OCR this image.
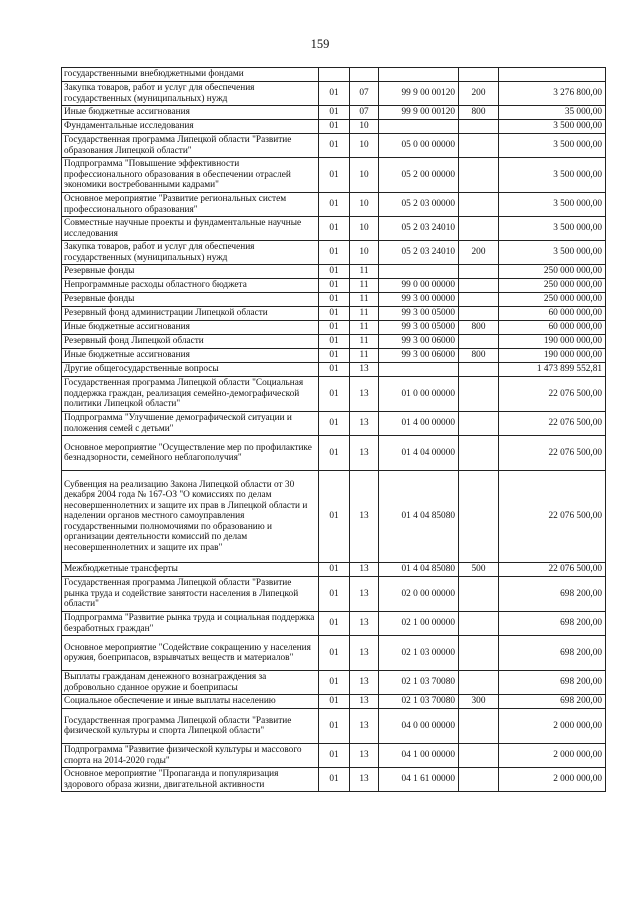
159
государственными внебюджетными фондами					
Закупка товаров, работ и услуг для обеспечения государственных (муниципальных) нужд	01	07	99 9 00 00120	200	3 276 800,00
Иные бюджетные ассигнования	01	07	99 9 00 00120	800	35 000,00
Фундаментальные исследования	01	10			3 500 000,00
Государственная программа Липецкой области "Развитие образования Липецкой области"	01	10	05 0 00 00000		3 500 000,00
Подпрограмма "Повышение эффективности профессионального образования в обеспечении отраслей экономики востребованными кадрами"	01	10	05 2 00 00000		3 500 000,00
Основное мероприятие "Развитие региональных систем профессионального образования"	01	10	05 2 03 00000		3 500 000,00
Совместные научные проекты и фундаментальные научные исследования	01	10	05 2 03 24010		3 500 000,00
Закупка товаров, работ и услуг для обеспечения государственных (муниципальных) нужд	01	10	05 2 03 24010	200	3 500 000,00
Резервные фонды	01	11			250 000 000,00
Непрограммные расходы областного бюджета	01	11	99 0 00 00000		250 000 000,00
Резервные фонды	01	11	99 3 00 00000		250 000 000,00
Резервный фонд администрации Липецкой области	01	11	99 3 00 05000		60 000 000,00
Иные бюджетные ассигнования	01	11	99 3 00 05000	800	60 000 000,00
Резервный фонд Липецкой области	01	11	99 3 00 06000		190 000 000,00
Иные бюджетные ассигнования	01	11	99 3 00 06000	800	190 000 000,00
Другие общегосударственные вопросы	01	13			1 473 899 552,81
Государственная программа Липецкой области "Социальная поддержка граждан, реализация семейно-демографической политики Липецкой области"	01	13	01 0 00 00000		22 076 500,00
Подпрограмма "Улучшение демографической ситуации и положения семей с детьми"	01	13	01 4 00 00000		22 076 500,00
Основное мероприятие "Осуществление мер по профилактике безнадзорности, семейного неблагополучия"	01	13	01 4 04 00000		22 076 500,00
Субвенция на реализацию Закона Липецкой области от 30 декабря 2004 года № 167-ОЗ "О комиссиях по делам несовершеннолетних и защите их прав в Липецкой области и наделении органов местного самоуправления государственными полномочиями по образованию и организации деятельности комиссий по делам несовершеннолетних и защите их прав"	01	13	01 4 04 85080		22 076 500,00
Межбюджетные трансферты	01	13	01 4 04 85080	500	22 076 500,00
Государственная программа Липецкой области "Развитие рынка труда и содействие занятости населения в Липецкой области"	01	13	02 0 00 00000		698 200,00
Подпрограмма "Развитие рынка труда и социальная поддержка безработных граждан"	01	13	02 1 00 00000		698 200,00
Основное мероприятие "Содействие сокращению у населения оружия, боеприпасов, взрывчатых веществ и материалов"	01	13	02 1 03 00000		698 200,00
Выплаты гражданам денежного вознаграждения за добровольно сданное оружие и боеприпасы	01	13	02 1 03 70080		698 200,00
Социальное обеспечение и иные выплаты населению	01	13	02 1 03 70080	300	698 200,00
Государственная программа Липецкой области "Развитие физической культуры и спорта Липецкой области"	01	13	04 0 00 00000		2 000 000,00
Подпрограмма "Развитие физической культуры и массового спорта на 2014-2020 годы"	01	13	04 1 00 00000		2 000 000,00
Основное мероприятие "Пропаганда и популяризация здорового образа жизни, двигательной активности	01	13	04 1 61 00000		2 000 000,00
